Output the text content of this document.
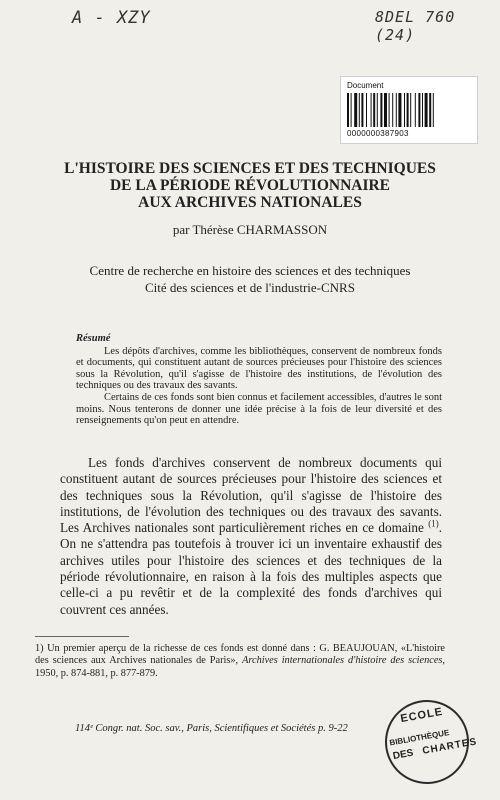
A - XZY	8DEL 760 (24)
Document
0000000387903
L'HISTOIRE DES SCIENCES ET DES TECHNIQUES
DE LA PÉRIODE RÉVOLUTIONNAIRE
AUX ARCHIVES NATIONALES
par Thérèse CHARMASSON
Centre de recherche en histoire des sciences et des techniques
Cité des sciences et de l'industrie-CNRS
Résumé

Les dépôts d'archives, comme les bibliothèques, conservent de nombreux fonds et documents, qui constituent autant de sources précieuses pour l'histoire des sciences sous la Révolution, qu'il s'agisse de l'histoire des institutions, de l'évolution des techniques ou des travaux des savants.

Certains de ces fonds sont bien connus et facilement accessibles, d'autres le sont moins. Nous tenterons de donner une idée précise à la fois de leur diversité et des renseignements qu'on peut en attendre.

Les fonds d'archives conservent de nombreux documents qui constituent autant de sources précieuses pour l'histoire des sciences et des techniques sous la Révolution, qu'il s'agisse de l'histoire des institutions, de l'évolution des techniques ou des travaux des savants. Les Archives nationales sont particulièrement riches en ce domaine $^{(1)}$. On ne s'attendra pas toutefois à trouver ici un inventaire exhaustif des archives utiles pour l'histoire des sciences et des techniques de la période révolutionnaire, en raison à la fois des multiples aspects que celle-ci a pu revêtir et de la complexité des fonds d'archives qui couvrent ces années.

1) Un premier aperçu de la richesse de ces fonds est donné dans : G. BEAUJOUAN, «L'histoire des sciences aux Archives nationales de Paris», Archives internationales d'histoire des sciences, 1950, p. 874-881, p. 877-879.

114ᵉ Congr. nat. Soc. sav., Paris, Scientifiques et Sociétés p. 9-22
ECOLE
BIBLIOTHÈQUE
DES CHARTES
